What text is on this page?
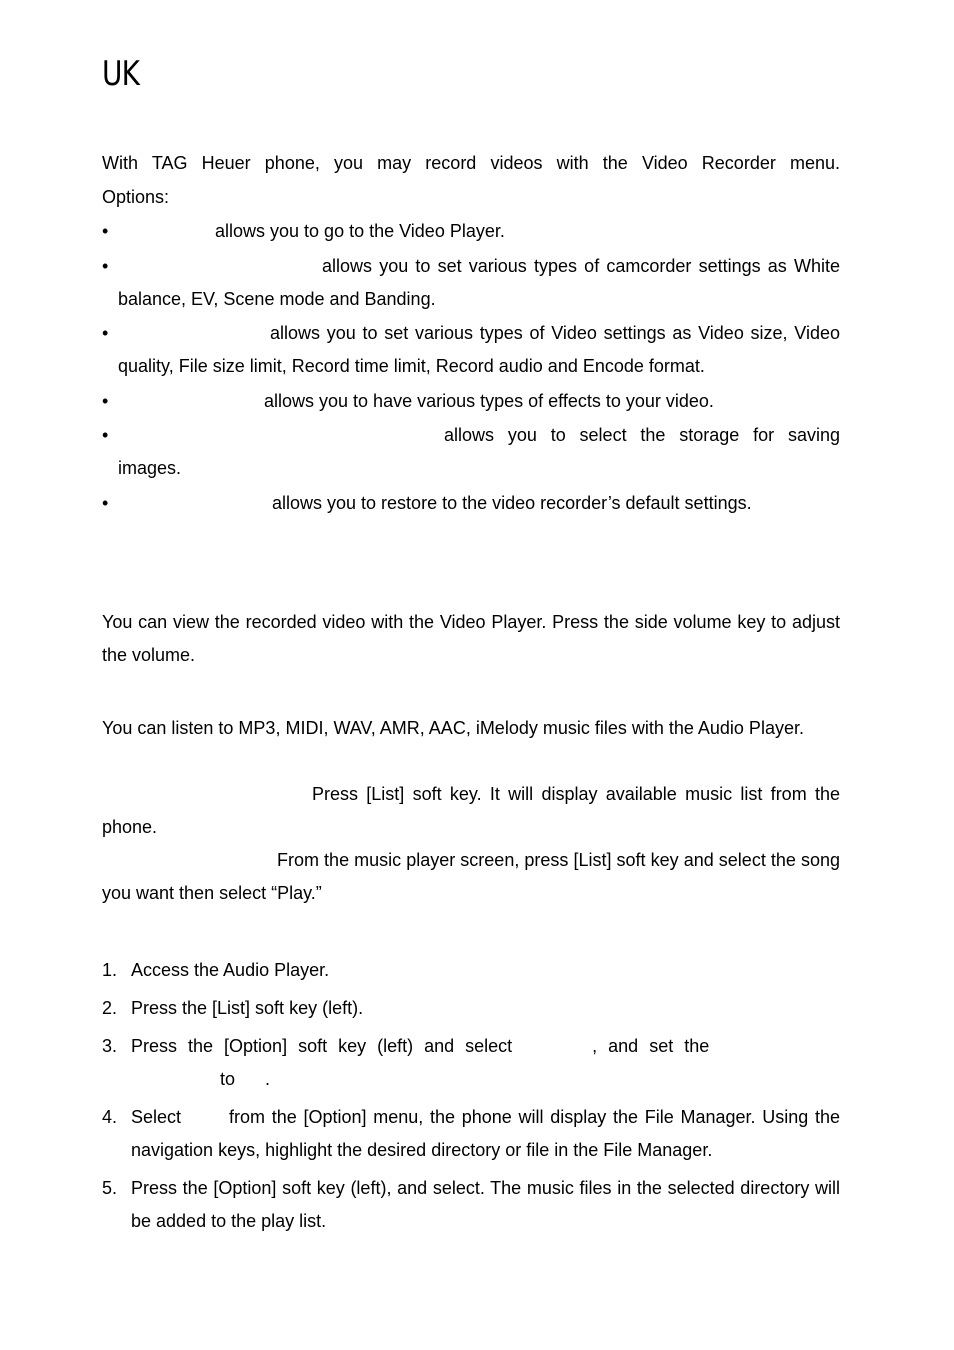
UK

With TAG Heuer phone, you may record videos with the Video Recorder menu.

Options:

•	allows you to go to the Video Player.
•	allows you to set various types of camcorder settings as White balance, EV, Scene mode and Banding.
•	allows you to set various types of Video settings as Video size, Video quality, File size limit, Record time limit, Record audio and Encode format.
•	allows you to have various types of effects to your video.
•	allows you to select the storage for saving images.
•	allows you to restore to the video recorder’s default settings.

You can view the recorded video with the Video Player. Press the side volume key to adjust the volume.

You can listen to MP3, MIDI, WAV, AMR, AAC, iMelody music files with the Audio Player.

Press [List] soft key. It will display available music list from the phone.

From the music player screen, press [List] soft key and select the song you want then select “Play.”

1. Access the Audio Player.
2. Press the [List] soft key (left).
3. Press the [Option] soft key (left) and select	, and set the
to .
4. Select	from the [Option] menu, the phone will display the File Manager. Using the navigation keys, highlight the desired directory or file in the File Manager.
5. Press the [Option] soft key (left), and select. The music files in the selected directory will be added to the play list.
